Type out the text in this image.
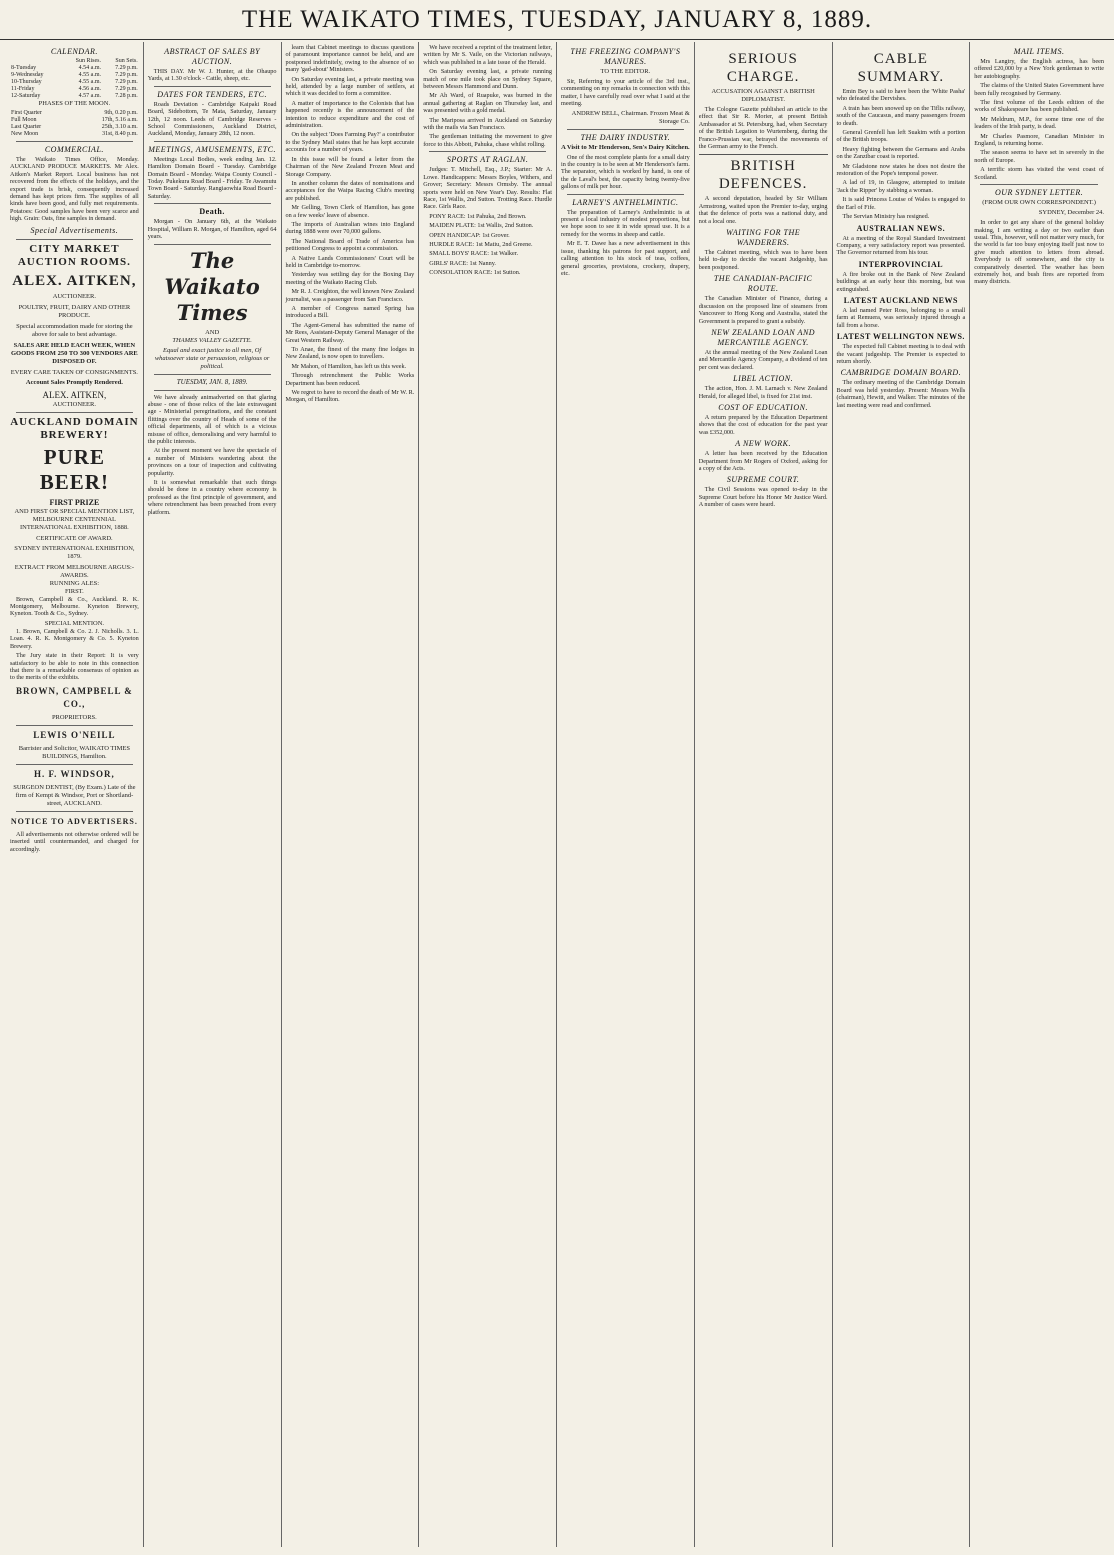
THE WAIKATO TIMES, TUESDAY, JANUARY 8, 1889.
CALENDAR.
	Sun Rises.	Sun Sets.
8-Tuesday	4.54 a.m.	7.29 p.m.
9-Wednesday	4.55 a.m.	7.29 p.m.
10-Thursday	4.55 a.m.	7.29 p.m.
11-Friday	4.56 a.m.	7.29 p.m.
12-Saturday	4.57 a.m.	7.28 p.m.
PHASES OF THE MOON.
First Quarter	9th, 0.20 p.m.
Full Moon	17th, 5.16 a.m.
Last Quarter	25th, 3.10 a.m.
New Moon	31st, 8.40 p.m.
COMMERCIAL.
The Waikato Times Office, Monday. AUCKLAND PRODUCE MARKETS. Mr Alex. Aitken's Market Report. Local business has not recovered from the effects of the holidays, and the export trade is brisk, consequently increased demand has kept prices firm. The supplies of all kinds have been good, and fully met requirements. Potatoes: Good samples have been very scarce and high. Grain: Oats, fine samples in demand.
Special Advertisements.
CITY MARKET AUCTION ROOMS.
ALEX. AITKEN,
AUCTIONEER.
POULTRY, FRUIT, DAIRY AND OTHER PRODUCE.
Special accommodation made for storing the above for sale to best advantage.
SALES ARE HELD EACH WEEK, WHEN GOODS FROM 250 TO 300 VENDORS ARE DISPOSED OF.
EVERY CARE TAKEN OF CONSIGNMENTS.
Account Sales Promptly Rendered.
ALEX. AITKEN,
AUCTIONEER.
AUCKLAND DOMAIN BREWERY!
PURE BEER!
FIRST PRIZE
AND FIRST OR SPECIAL MENTION LIST, MELBOURNE CENTENNIAL INTERNATIONAL EXHIBITION, 1888.
CERTIFICATE OF AWARD.
SYDNEY INTERNATIONAL EXHIBITION, 1879.
EXTRACT FROM MELBOURNE ARGUS:-
AWARDS.
RUNNING ALES:
FIRST.
Brown, Campbell & Co., Auckland. R. K. Montgomery, Melbourne. Kyneton Brewery, Kyneton. Tooth & Co., Sydney.
SPECIAL MENTION.
1. Brown, Campbell & Co. 2. J. Nicholls. 3. L. Loan. 4. R. K. Montgomery & Co. 5. Kyneton Brewery.
The Jury state in their Report: It is very satisfactory to be able to note in this connection that there is a remarkable consensus of opinion as to the merits of the exhibits.
BROWN, CAMPBELL & CO.,
PROPRIETORS.
LEWIS O'NEILL
Barrister and Solicitor, WAIKATO TIMES BUILDINGS, Hamilton.
H. F. WINDSOR,
SURGEON DENTIST, (By Exam.) Late of the firm of Kempt & Windsor, Port or Shortland-street, AUCKLAND.
NOTICE TO ADVERTISERS.
All advertisements not otherwise ordered will be inserted until countermanded, and charged for accordingly.
ABSTRACT OF SALES BY AUCTION.
THIS DAY. Mr W. J. Hunter, at the Ohaupo Yards, at 1.30 o'clock - Cattle, sheep, etc.
DATES FOR TENDERS, ETC.
Roads Deviation - Cambridge Kaipaki Road Board, Sidebottom, Te Mata, Saturday, January 12th, 12 noon. Leeds of Cambridge Reserves - School Commissioners, Auckland District, Auckland, Monday, January 28th, 12 noon.
MEETINGS, AMUSEMENTS, ETC.
Meetings Local Bodies, week ending Jan. 12. Hamilton Domain Board - Tuesday. Cambridge Domain Board - Monday. Waipa County Council - Today. Pukekura Road Board - Friday. Te Awamutu Town Board - Saturday. Rangiaowhia Road Board - Saturday.
Death.
Morgan - On January 6th, at the Waikato Hospital, William R. Morgan, of Hamilton, aged 64 years.
The Waikato Times
AND
THAMES VALLEY GAZETTE.
Equal and exact justice to all men, Of whatsoever state or persuasion, religious or political.
TUESDAY, JAN. 8, 1889.
We have already animadverted on that glaring abuse - one of those relics of the late extravagant age - Ministerial peregrinations, and the constant flittings over the country of Heads of some of the official departments, all of which is a vicious misuse of office, demoralising and very harmful to the public interests.
At the present moment we have the spectacle of a number of Ministers wandering about the provinces on a tour of inspection and cultivating popularity.
It is somewhat remarkable that such things should be done in a country where economy is professed as the first principle of government, and where retrenchment has been preached from every platform.
learn that Cabinet meetings to discuss questions of paramount importance cannot be held, and are postponed indefinitely, owing to the absence of so many 'gad-about' Ministers.
On Saturday evening last, a private meeting was held, attended by a large number of settlers, at which it was decided to form a committee.
A matter of importance to the Colonists that has happened recently is the announcement of the intention to reduce expenditure and the cost of administration.
On the subject 'Does Farming Pay?' a contributor to the Sydney Mail states that he has kept accurate accounts for a number of years.
In this issue will be found a letter from the Chairman of the New Zealand Frozen Meat and Storage Company.
In another column the dates of nominations and acceptances for the Waipa Racing Club's meeting are published.
Mr Gelling, Town Clerk of Hamilton, has gone on a few weeks' leave of absence.
The imports of Australian wines into England during 1888 were over 70,000 gallons.
The National Board of Trade of America has petitioned Congress to appoint a commission.
A Native Lands Commissioners' Court will be held in Cambridge to-morrow.
Yesterday was settling day for the Boxing Day meeting of the Waikato Racing Club.
Mr R. J. Creighton, the well known New Zealand journalist, was a passenger from San Francisco.
A member of Congress named Spring has introduced a Bill.
The Agent-General has submitted the name of Mr Rees, Assistant-Deputy General Manager of the Great Western Railway.
To Anae, the finest of the many fine lodges in New Zealand, is now open to travellers.
Mr Mahon, of Hamilton, has left us this week.
Through retrenchment the Public Works Department has been reduced.
We regret to have to record the death of Mr W. R. Morgan, of Hamilton.
We have received a reprint of the treatment letter, written by Mr S. Vaile, on the Victorian railways, which was published in a late issue of the Herald.
On Saturday evening last, a private running match of one mile took place on Sydney Square, between Messrs Hammond and Dunn.
Mr Ah Ward, of Ruapuke, was burned in the annual gathering at Raglan on Thursday last, and was presented with a gold medal.
The Mariposa arrived in Auckland on Saturday with the mails via San Francisco.
The gentleman initiating the movement to give force to this Abbott, Pahuka, chase whilst rolling.
SPORTS AT RAGLAN.
Judges: T. Mitchell, Esq., J.P.; Starter: Mr A. Lowe. Handicappers: Messrs Boyles, Withers, and Grover; Secretary: Messrs Ormsby. The annual sports were held on New Year's Day. Results: Flat Race, 1st Wallis, 2nd Sutton. Trotting Race. Hurdle Race. Girls Race.
PONY RACE: 1st Pahuka, 2nd Brown.
MAIDEN PLATE: 1st Wallis, 2nd Sutton.
OPEN HANDICAP: 1st Grover.
HURDLE RACE: 1st Matiu, 2nd Greene.
SMALL BOYS' RACE: 1st Walker.
GIRLS' RACE: 1st Nanny.
CONSOLATION RACE: 1st Sutton.
THE FREEZING COMPANY'S MANURES.
TO THE EDITOR.
Sir, Referring to your article of the 3rd inst., commenting on my remarks in connection with this matter, I have carefully read over what I said at the meeting.
ANDREW BELL, Chairman. Frozen Meat & Storage Co.
THE DAIRY INDUSTRY.
A Visit to Mr Henderson, Sen's Dairy Kitchen.
One of the most complete plants for a small dairy in the country is to be seen at Mr Henderson's farm. The separator, which is worked by hand, is one of the de Laval's best, the capacity being twenty-five gallons of milk per hour.
LARNEY'S ANTHELMINTIC.
The preparation of Larney's Anthelmintic is at present a local industry of modest proportions, but we hope soon to see it in wide spread use. It is a remedy for the worms in sheep and cattle.
Mr E. T. Dawe has a new advertisement in this issue, thanking his patrons for past support, and calling attention to his stock of teas, coffees, general groceries, provisions, crockery, drapery, etc.
SERIOUS CHARGE.
ACCUSATION AGAINST A BRITISH DIPLOMATIST.
The Cologne Gazette published an article to the effect that Sir R. Morier, at present British Ambassador at St. Petersburg, had, when Secretary of the British Legation to Wurtemberg, during the Franco-Prussian war, betrayed the movements of the German army to the French.
BRITISH DEFENCES.
A second deputation, headed by Sir William Armstrong, waited upon the Premier to-day, urging that the defence of ports was a national duty, and not a local one.
WAITING FOR THE WANDERERS.
The Cabinet meeting, which was to have been held to-day to decide the vacant Judgeship, has been postponed.
THE CANADIAN-PACIFIC ROUTE.
The Canadian Minister of Finance, during a discussion on the proposed line of steamers from Vancouver to Hong Kong and Australia, stated the Government is prepared to grant a subsidy.
NEW ZEALAND LOAN AND MERCANTILE AGENCY.
At the annual meeting of the New Zealand Loan and Mercantile Agency Company, a dividend of ten per cent was declared.
LIBEL ACTION.
The action, Hon. J. M. Larnach v. New Zealand Herald, for alleged libel, is fixed for 21st inst.
COST OF EDUCATION.
A return prepared by the Education Department shows that the cost of education for the past year was £352,000.
A NEW WORK.
A letter has been received by the Education Department from Mr Rogers of Oxford, asking for a copy of the Acts.
SUPREME COURT.
The Civil Sessions was opened to-day in the Supreme Court before his Honor Mr Justice Ward. A number of cases were heard.
CABLE SUMMARY.
Emin Bey is said to have been the 'White Pasha' who defeated the Dervishes.
A train has been snowed up on the Tiflis railway, south of the Caucasus, and many passengers frozen to death.
General Grenfell has left Suakim with a portion of the British troops.
Heavy fighting between the Germans and Arabs on the Zanzibar coast is reported.
Mr Gladstone now states he does not desire the restoration of the Pope's temporal power.
A lad of 19, in Glasgow, attempted to imitate 'Jack the Ripper' by stabbing a woman.
It is said Princess Louise of Wales is engaged to the Earl of Fife.
The Servian Ministry has resigned.
AUSTRALIAN NEWS.
At a meeting of the Royal Standard Investment Company, a very satisfactory report was presented. The Governor returned from his tour.
INTERPROVINCIAL
A fire broke out in the Bank of New Zealand buildings at an early hour this morning, but was extinguished.
LATEST AUCKLAND NEWS
A lad named Peter Ross, belonging to a small farm at Remuera, was seriously injured through a fall from a horse.
LATEST WELLINGTON NEWS.
The expected full Cabinet meeting is to deal with the vacant judgeship. The Premier is expected to return shortly.
CAMBRIDGE DOMAIN BOARD.
The ordinary meeting of the Cambridge Domain Board was held yesterday. Present: Messrs Wells (chairman), Hewitt, and Walker. The minutes of the last meeting were read and confirmed.
MAIL ITEMS.
Mrs Langtry, the English actress, has been offered £20,000 by a New York gentleman to write her autobiography.
The claims of the United States Government have been fully recognised by Germany.
The first volume of the Leeds edition of the works of Shakespeare has been published.
Mr Meldrum, M.P., for some time one of the leaders of the Irish party, is dead.
Mr Charles Pasmore, Canadian Minister in England, is returning home.
The season seems to have set in severely in the north of Europe.
A terrific storm has visited the west coast of Scotland.
OUR SYDNEY LETTER.
(FROM OUR OWN CORRESPONDENT.)
SYDNEY, December 24.
In order to get any share of the general holiday making, I am writing a day or two earlier than usual. This, however, will not matter very much, for the world is far too busy enjoying itself just now to give much attention to letters from abroad. Everybody is off somewhere, and the city is comparatively deserted. The weather has been extremely hot, and bush fires are reported from many districts.
